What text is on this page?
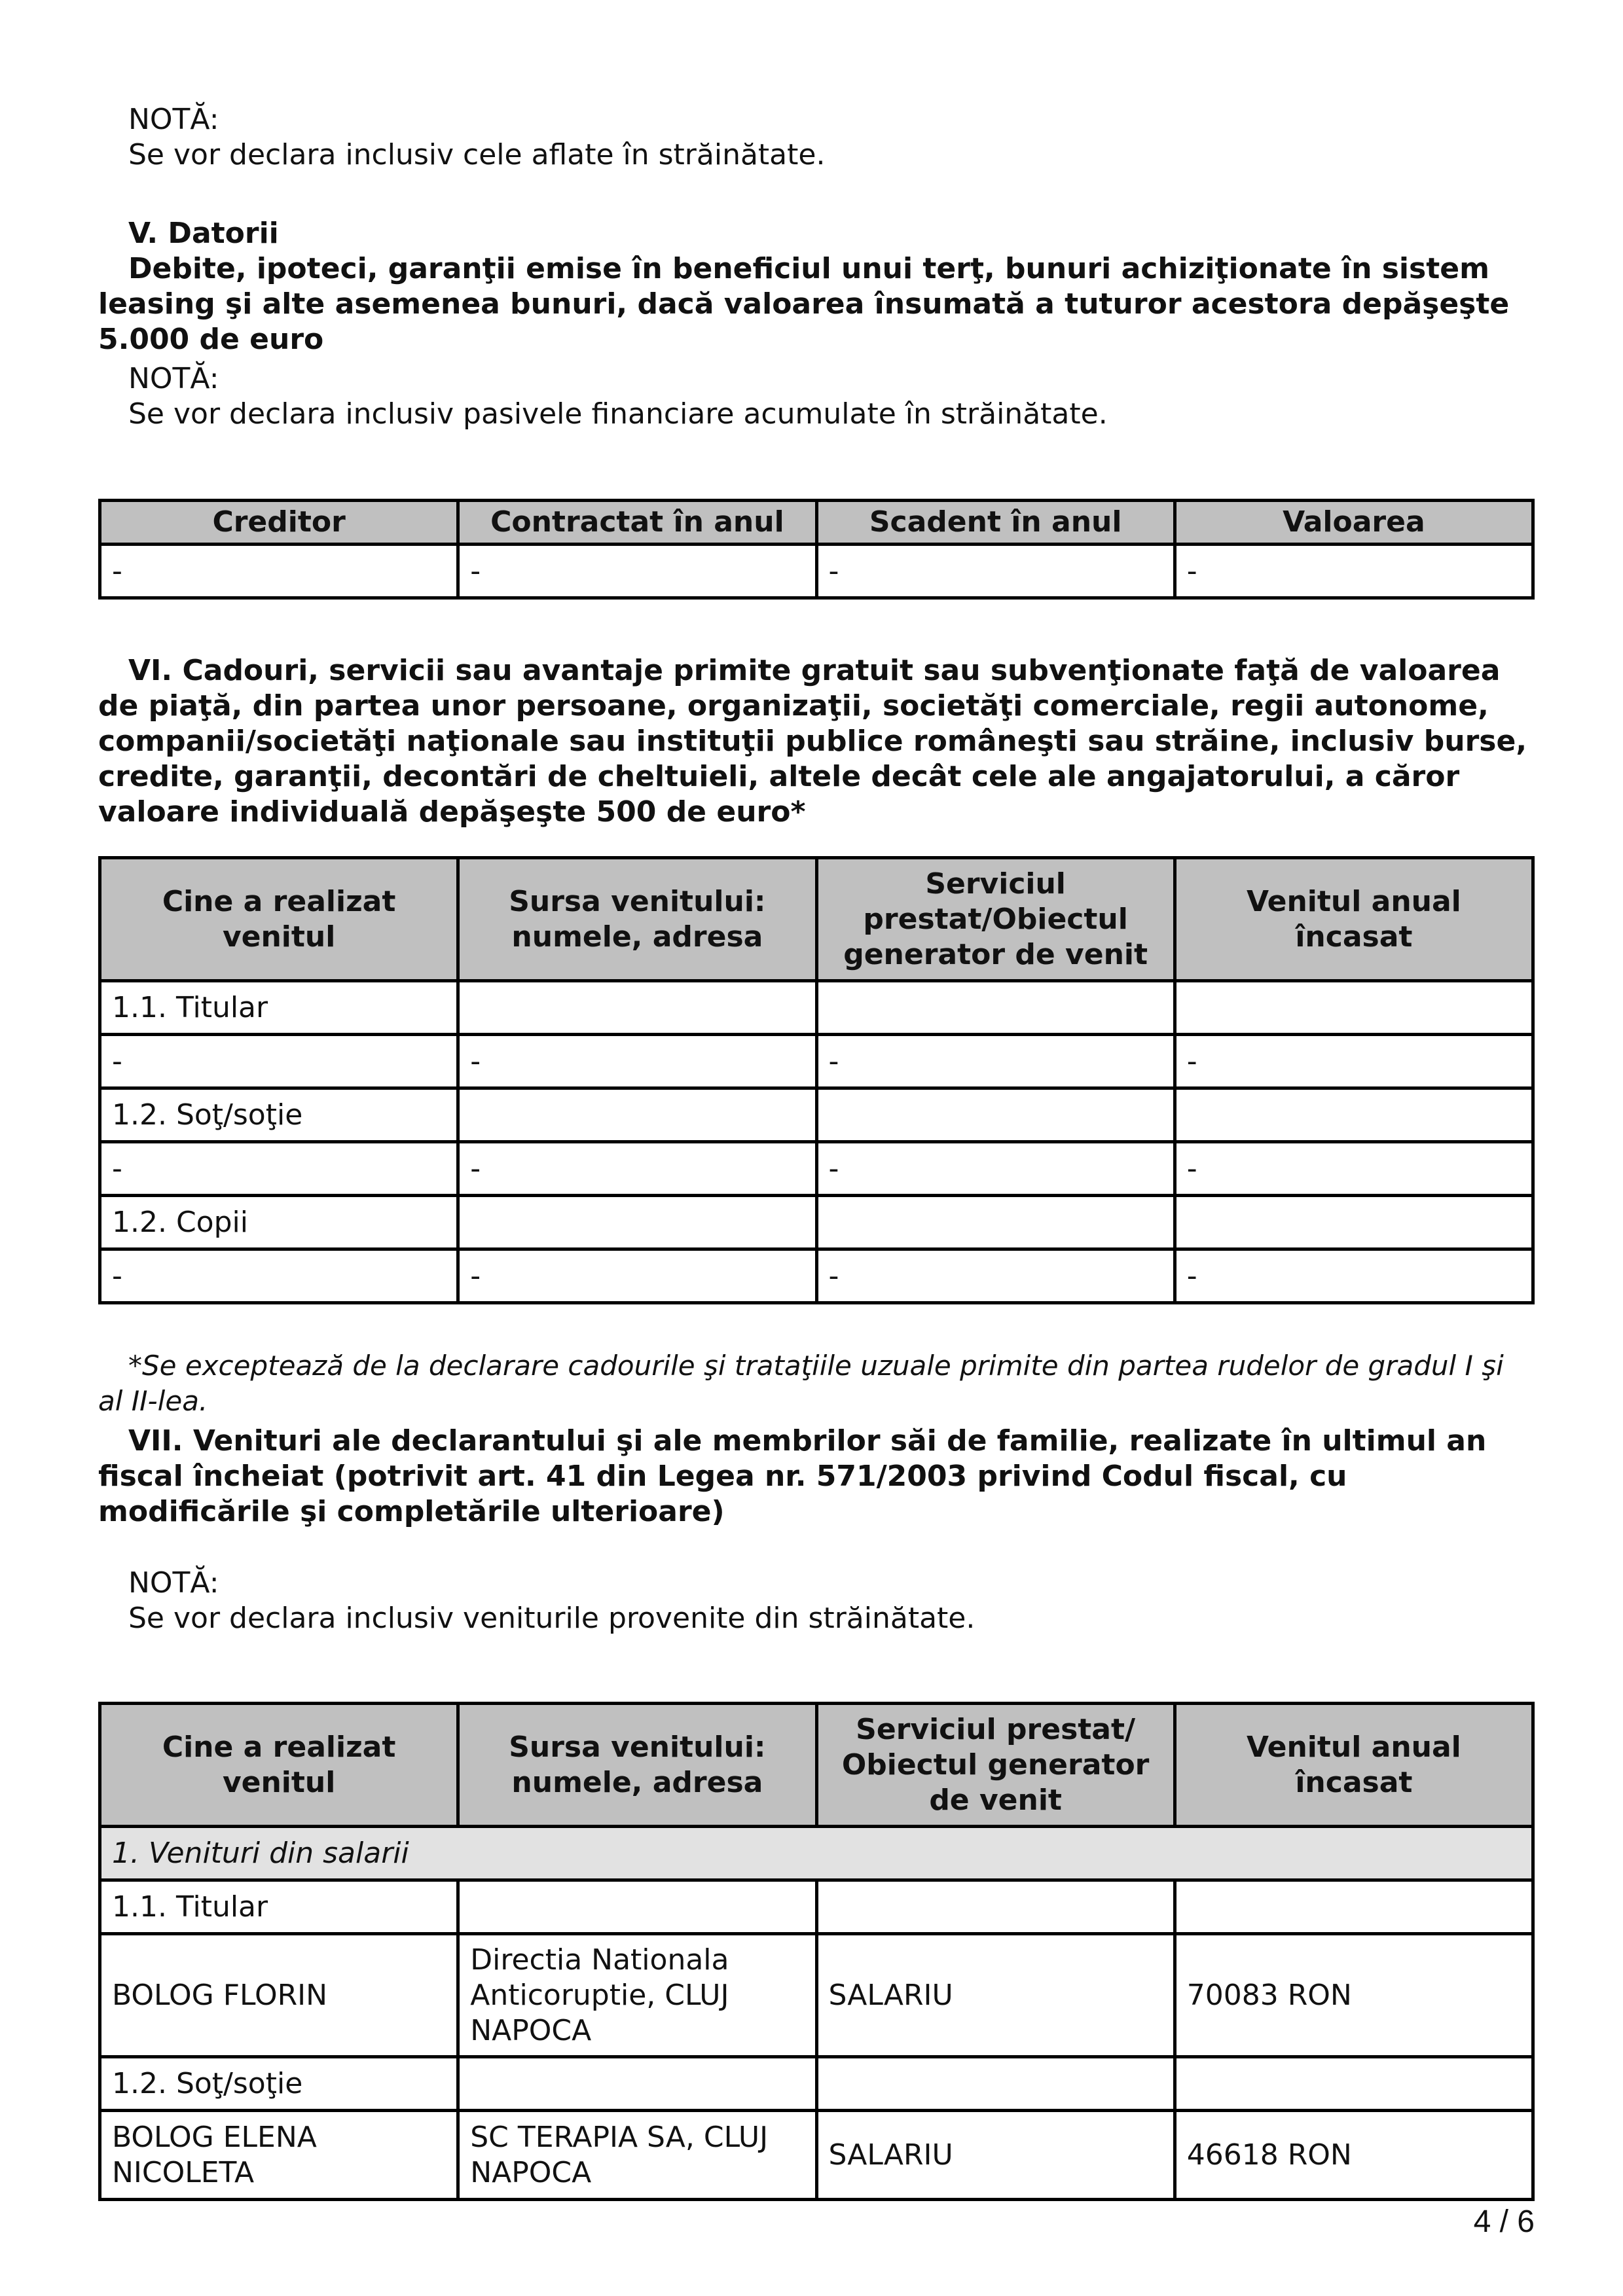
NOTĂ:

Se vor declara inclusiv cele aflate în străinătate.

V. Datorii

Debite, ipoteci, garanţii emise în beneficiul unui terţ, bunuri achiziţionate în sistem leasing şi alte asemenea bunuri, dacă valoarea însumată a tuturor acestora depăşeşte 5.000 de euro

NOTĂ:

Se vor declara inclusiv pasivele financiare acumulate în străinătate.

Creditor	Contractat în anul	Scadent în anul	Valoarea
-	-	-	-

VI. Cadouri, servicii sau avantaje primite gratuit sau subvenţionate faţă de valoarea de piaţă, din partea unor persoane, organizaţii, societăţi comerciale, regii autonome, companii/societăţi naţionale sau instituţii publice româneşti sau străine, inclusiv burse, credite, garanţii, decontări de cheltuieli, altele decât cele ale angajatorului, a căror valoare individuală depăşeşte 500 de euro*

Cine a realizat venitul	Sursa venitului: numele, adresa	Serviciul prestat/Obiectul generator de venit	Venitul anual încasat
1.1. Titular			
-	-	-	-
1.2. Soţ/soţie			
-	-	-	-
1.2. Copii			
-	-	-	-

*Se exceptează de la declarare cadourile şi trataţiile uzuale primite din partea rudelor de gradul I şi al II-lea.

VII. Venituri ale declarantului şi ale membrilor săi de familie, realizate în ultimul an fiscal încheiat (potrivit art. 41 din Legea nr. 571/2003 privind Codul fiscal, cu modificările şi completările ulterioare)

NOTĂ:

Se vor declara inclusiv veniturile provenite din străinătate.

Cine a realizat venitul	Sursa venitului: numele, adresa	Serviciul prestat/ Obiectul generator de venit	Venitul anual încasat
1. Venituri din salarii			
1.1. Titular			
BOLOG FLORIN	Directia Nationala Anticoruptie, CLUJ NAPOCA	SALARIU	70083 RON
1.2. Soţ/soţie			
BOLOG ELENA NICOLETA	SC TERAPIA SA, CLUJ NAPOCA	SALARIU	46618 RON
4 / 6
